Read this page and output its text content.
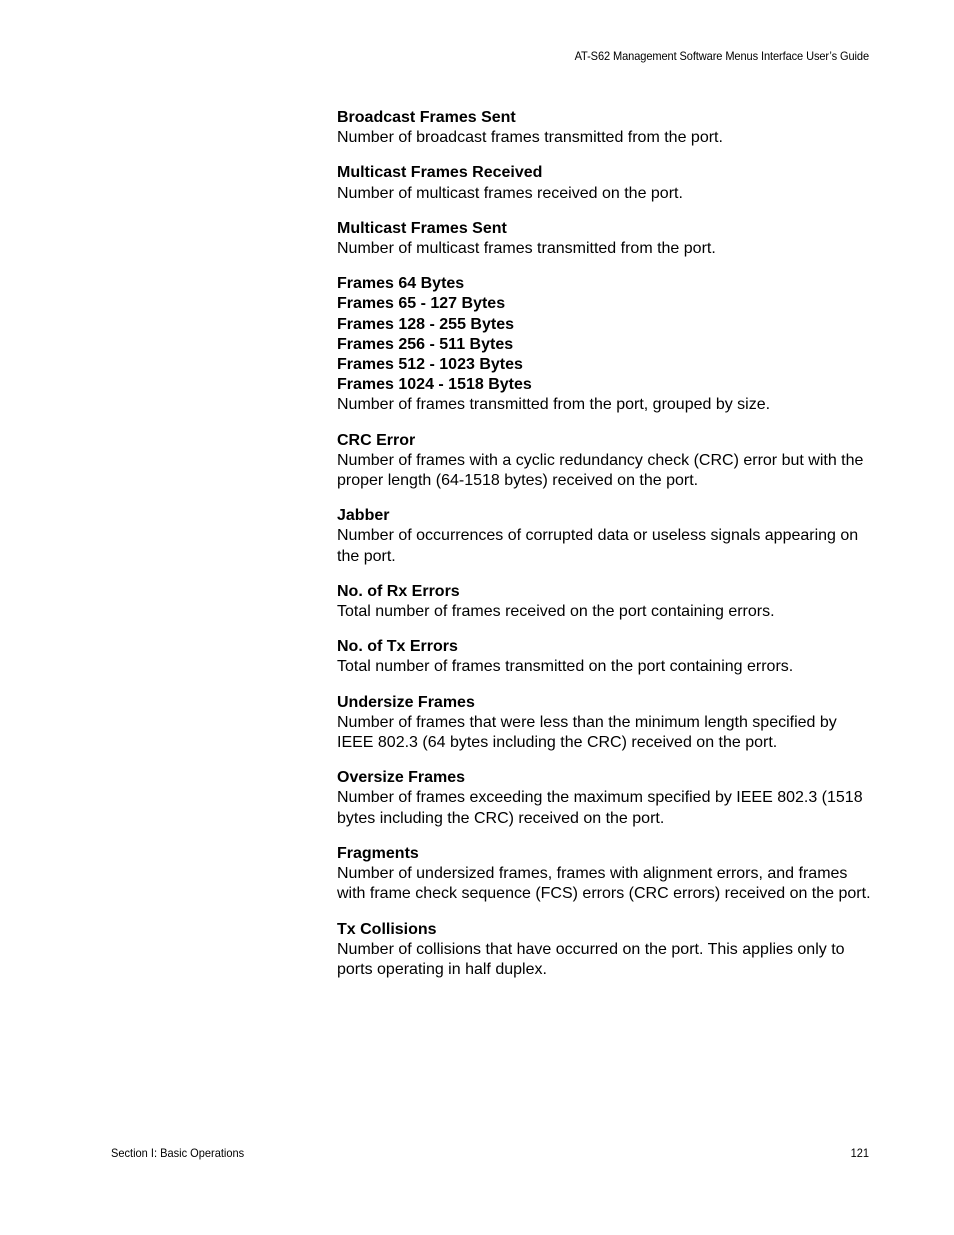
AT-S62 Management Software Menus Interface User’s Guide
Broadcast Frames Sent
Number of broadcast frames transmitted from the port.
Multicast Frames Received
Number of multicast frames received on the port.
Multicast Frames Sent
Number of multicast frames transmitted from the port.
Frames 64 Bytes
Frames 65 - 127 Bytes
Frames 128 - 255 Bytes
Frames 256 - 511 Bytes
Frames 512 - 1023 Bytes
Frames 1024 - 1518 Bytes
Number of frames transmitted from the port, grouped by size.
CRC Error
Number of frames with a cyclic redundancy check (CRC) error but with the proper length (64-1518 bytes) received on the port.
Jabber
Number of occurrences of corrupted data or useless signals appearing on the port.
No. of Rx Errors
Total number of frames received on the port containing errors.
No. of Tx Errors
Total number of frames transmitted on the port containing errors.
Undersize Frames
Number of frames that were less than the minimum length specified by IEEE 802.3 (64 bytes including the CRC) received on the port.
Oversize Frames
Number of frames exceeding the maximum specified by IEEE 802.3 (1518 bytes including the CRC) received on the port.
Fragments
Number of undersized frames, frames with alignment errors, and frames with frame check sequence (FCS) errors (CRC errors) received on the port.
Tx Collisions
Number of collisions that have occurred on the port. This applies only to ports operating in half duplex.
Section I: Basic Operations	121
